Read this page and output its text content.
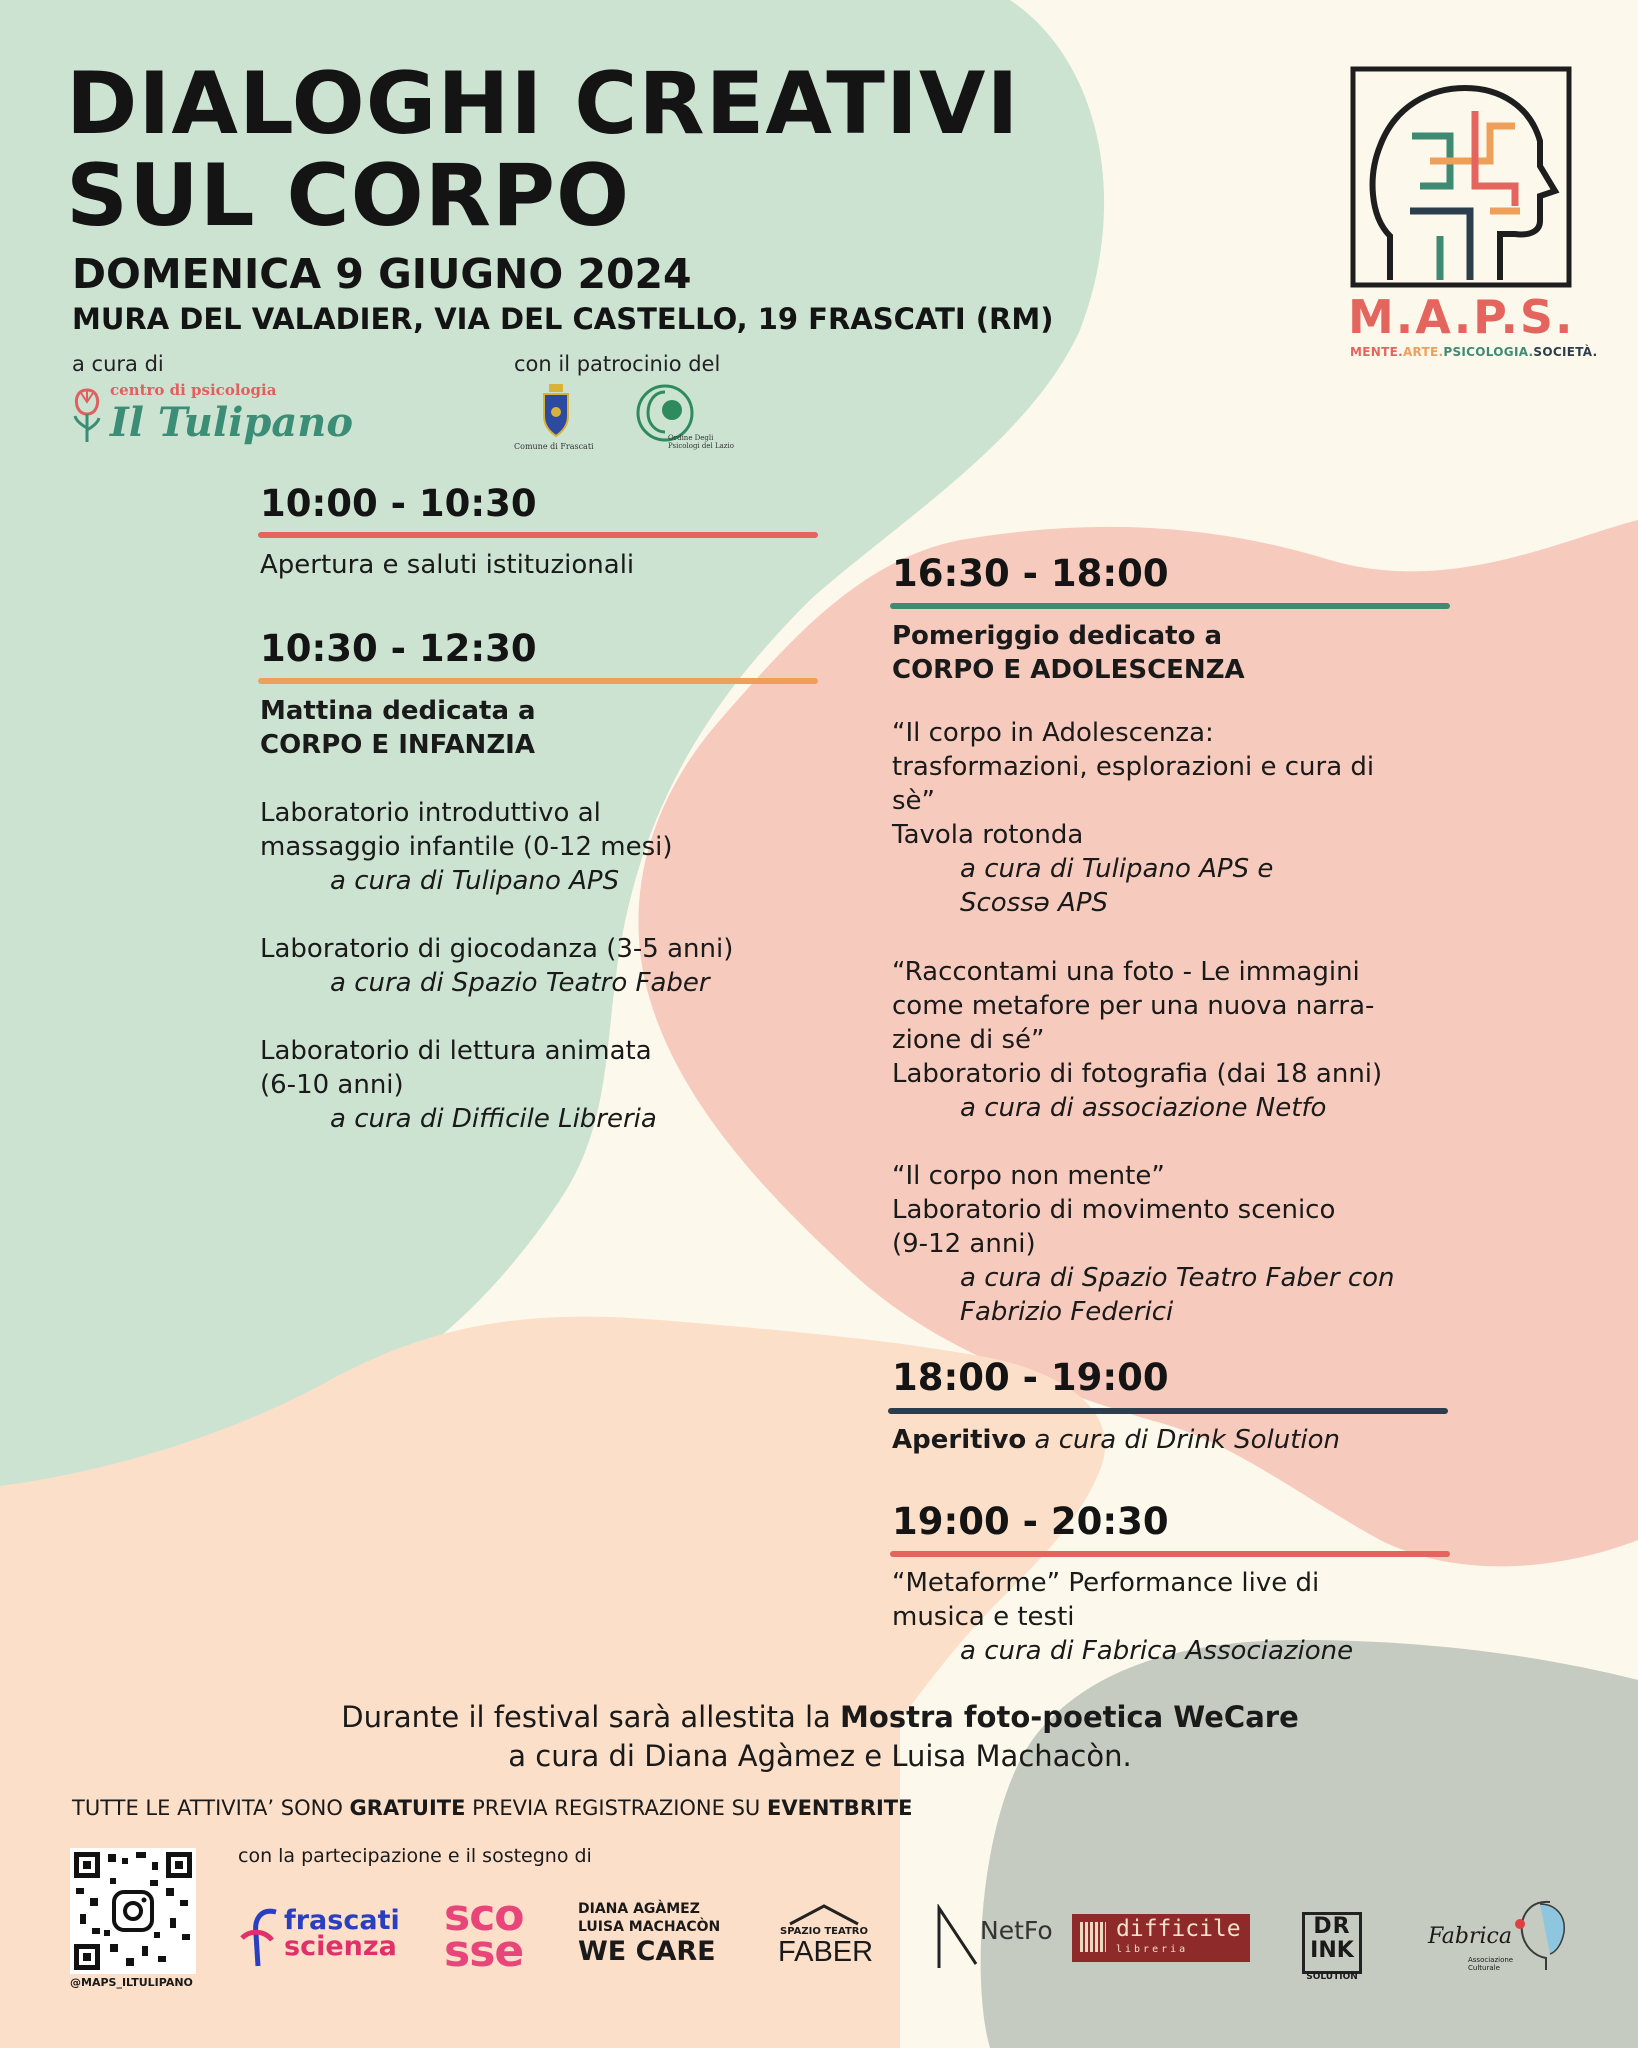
DIALOGHI CREATIVI
SUL CORPO
DOMENICA 9 GIUGNO 2024
MURA DEL VALADIER, VIA DEL CASTELLO, 19 FRASCATI (RM)
a cura di
centro di psicologia
Il Tulipano
con il patrocinio del
Comune di Frascati
Ordine Degli Psicologi del Lazio
M.A.P.S.
MENTE.ARTE.PSICOLOGIA.SOCIETÀ.
10:00 - 10:30
Apertura e saluti istituzionali
10:30 - 12:30
Mattina dedicata a
CORPO E INFANZIA
Laboratorio introduttivo al
massaggio infantile (0-12 mesi)
a cura di Tulipano APS
Laboratorio di giocodanza (3-5 anni)
a cura di Spazio Teatro Faber
Laboratorio di lettura animata
(6-10 anni)
a cura di Difficile Libreria
16:30 - 18:00
Pomeriggio dedicato a
CORPO E ADOLESCENZA
“Il corpo in Adolescenza:
trasformazioni, esplorazioni e cura di
sè”
Tavola rotonda
a cura di Tulipano APS e
Scossə APS
“Raccontami una foto - Le immagini
come metafore per una nuova narra-
zione di sé”
Laboratorio di fotografia (dai 18 anni)
a cura di associazione Netfo
“Il corpo non mente”
Laboratorio di movimento scenico
(9-12 anni)
a cura di Spazio Teatro Faber con
Fabrizio Federici
18:00 - 19:00
Aperitivo a cura di Drink Solution
19:00 - 20:30
“Metaforme” Performance live di
musica e testi
a cura di Fabrica Associazione
Durante il festival sarà allestita la Mostra foto-poetica WeCare
a cura di Diana Agàmez e Luisa Machacòn.
TUTTE LE ATTIVITA’ SONO GRATUITE PREVIA REGISTRAZIONE SU EVENTBRITE
con la partecipazione e il sostegno di
@MAPS_ILTULIPANO
frascati
scienza
sco
sse
DIANA AGÀMEZ
LUISA MACHACÒN
WE CARE
SPAZIO TEATRO
FABER
NetFo	difficile
libreria
DR
INK
SOLUTION
Fabrica
Associazione Culturale
